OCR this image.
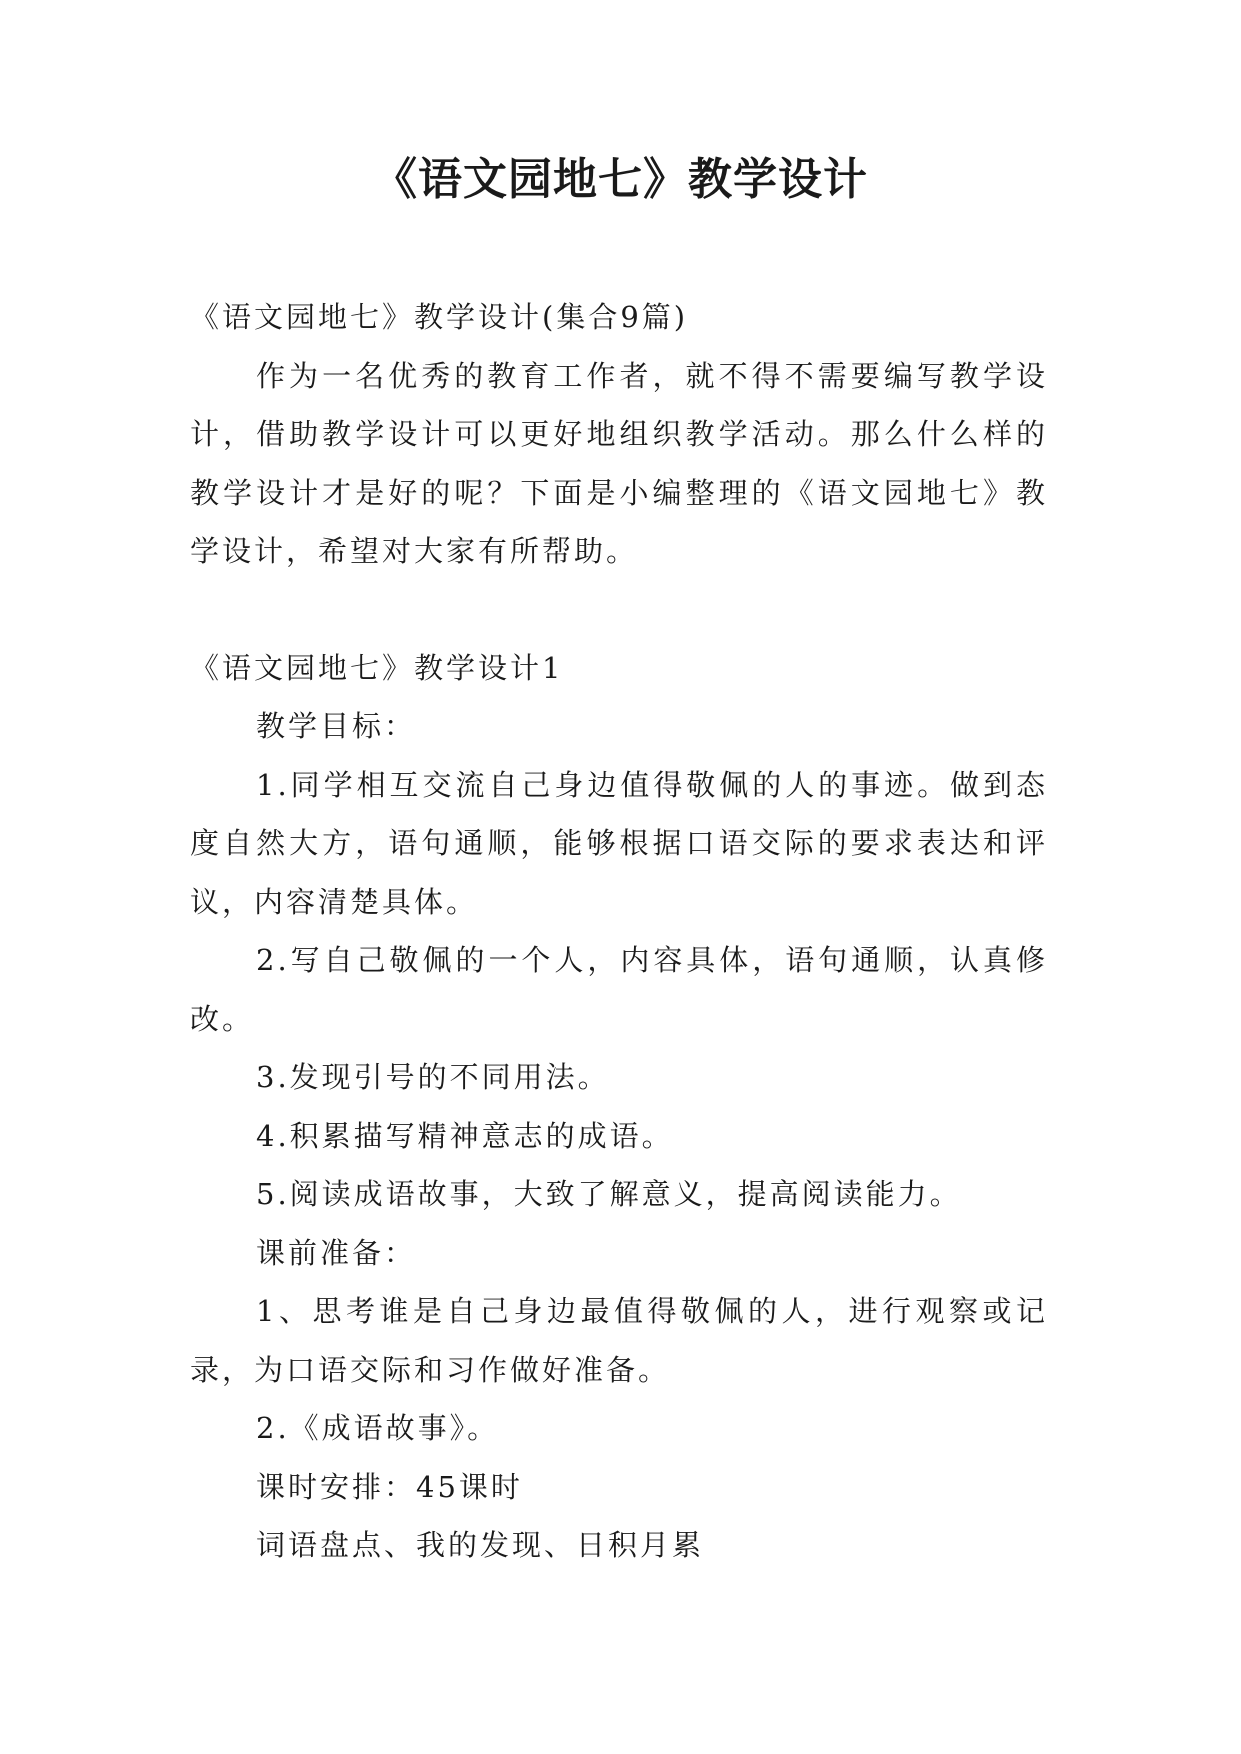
《语文园地七》教学设计

《语文园地七》教学设计(集合9篇)

作为一名优秀的教育工作者，就不得不需要编写教学设计，借助教学设计可以更好地组织教学活动。那么什么样的教学设计才是好的呢？下面是小编整理的《语文园地七》教学设计，希望对大家有所帮助。

《语文园地七》教学设计1

教学目标：

1.同学相互交流自己身边值得敬佩的人的事迹。做到态度自然大方，语句通顺，能够根据口语交际的要求表达和评议，内容清楚具体。

2.写自己敬佩的一个人，内容具体，语句通顺，认真修改。

3.发现引号的不同用法。

4.积累描写精神意志的成语。

5.阅读成语故事，大致了解意义，提高阅读能力。

课前准备：

1、思考谁是自己身边最值得敬佩的人，进行观察或记录，为口语交际和习作做好准备。

2.《成语故事》。

课时安排：45课时

词语盘点、我的发现、日积月累
